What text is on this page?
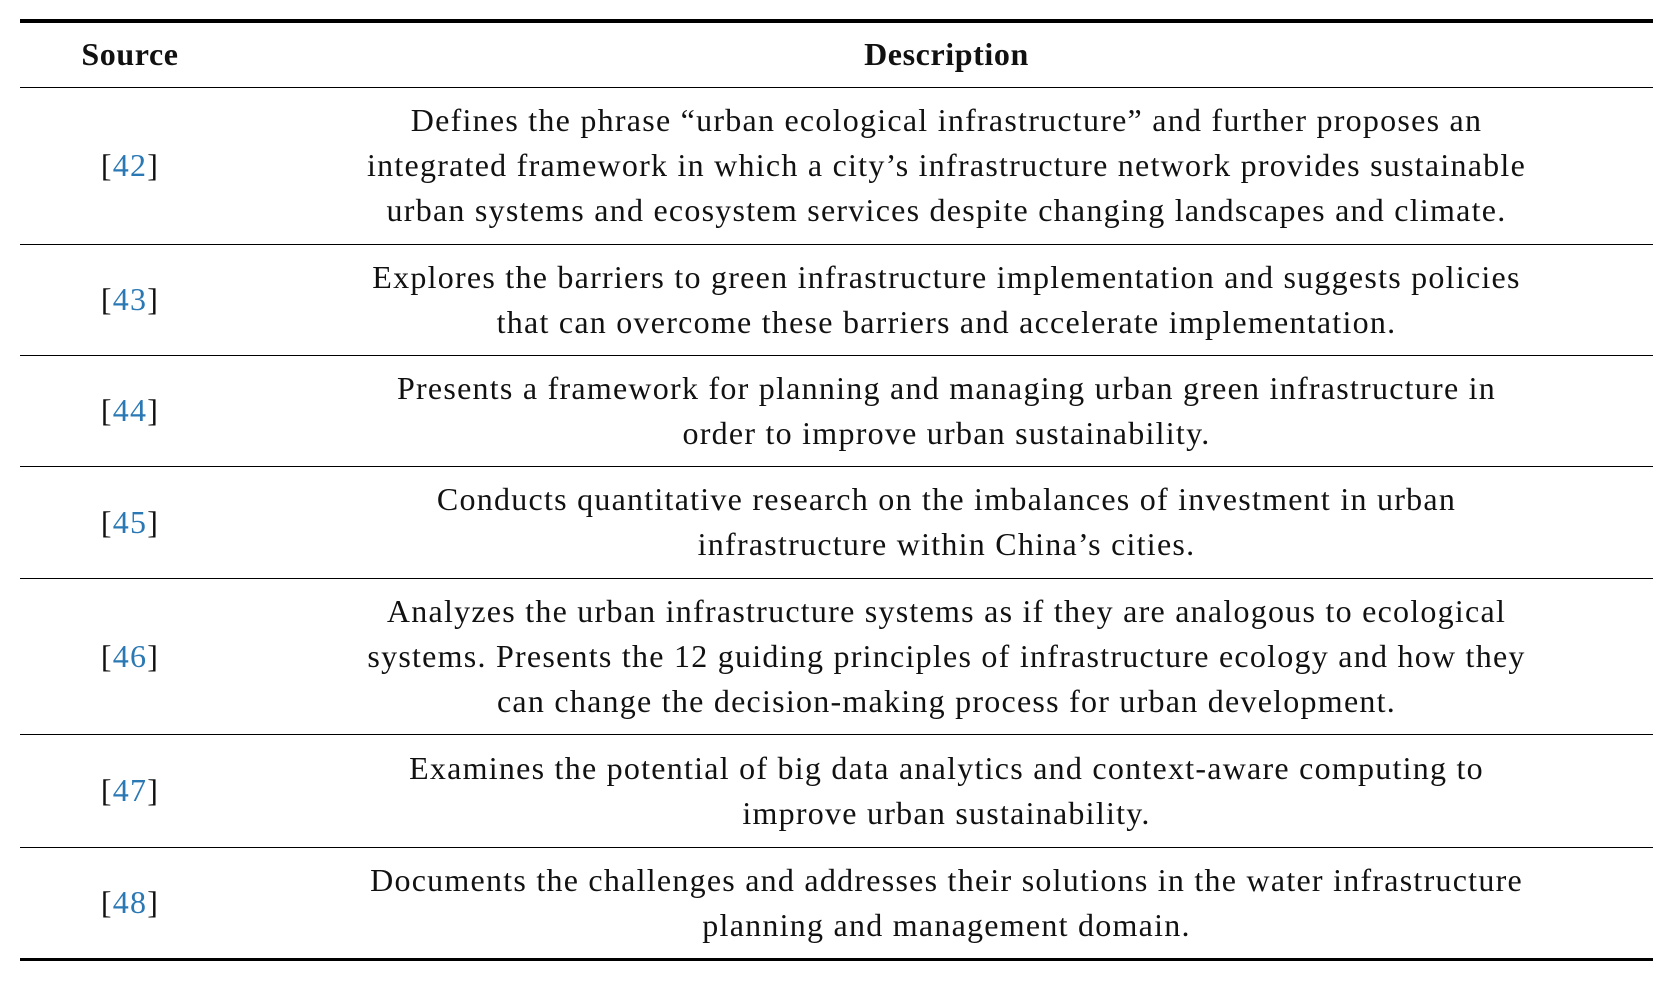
Source	Description
[42]	Defines the phrase “urban ecological infrastructure” and further proposes an
integrated framework in which a city’s infrastructure network provides sustainable
urban systems and ecosystem services despite changing landscapes and climate.

[43]	Explores the barriers to green infrastructure implementation and suggests policies
that can overcome these barriers and accelerate implementation.

[44]	Presents a framework for planning and managing urban green infrastructure in
order to improve urban sustainability.

[45]	Conducts quantitative research on the imbalances of investment in urban
infrastructure within China’s cities.

[46]	Analyzes the urban infrastructure systems as if they are analogous to ecological
systems. Presents the 12 guiding principles of infrastructure ecology and how they
can change the decision-making process for urban development.

[47]	Examines the potential of big data analytics and context-aware computing to
improve urban sustainability.

[48]	Documents the challenges and addresses their solutions in the water infrastructure
planning and management domain.
